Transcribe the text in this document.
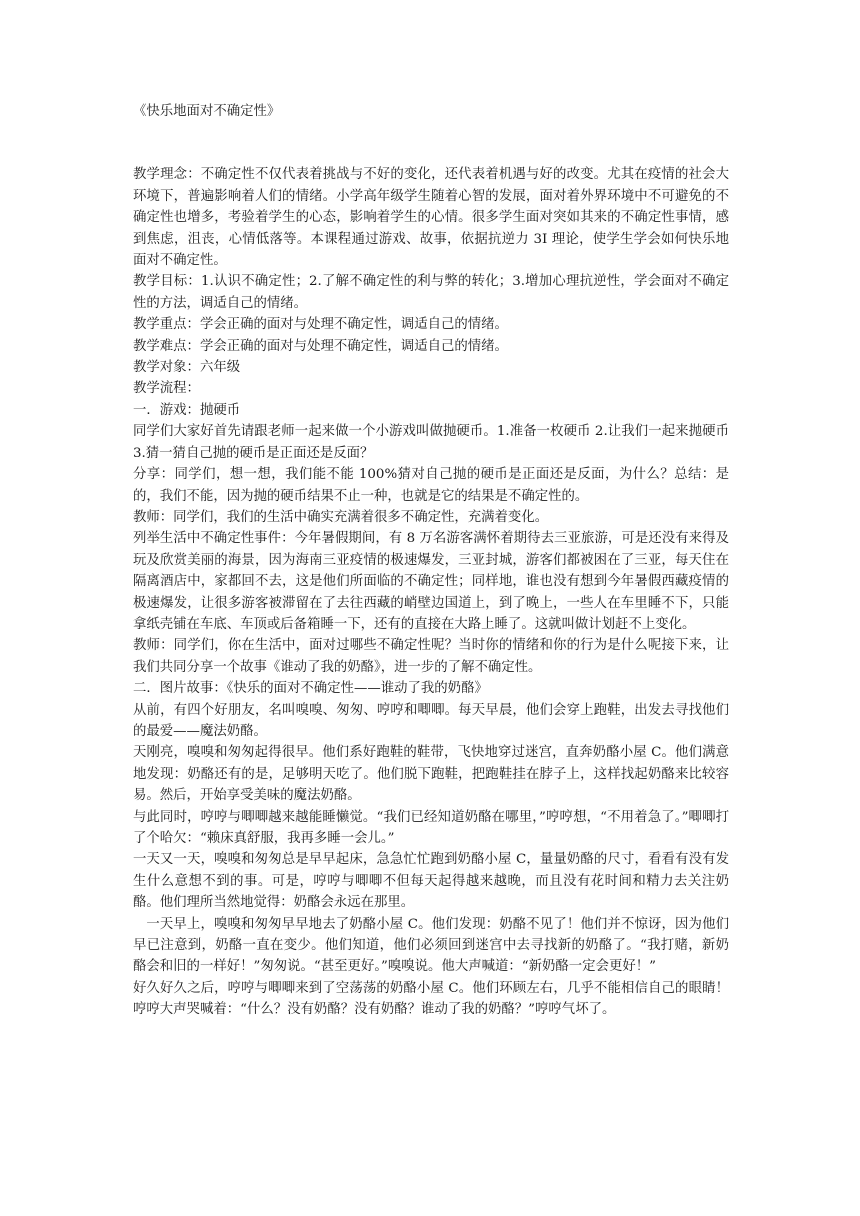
《快乐地面对不确定性》

教学理念：不确定性不仅代表着挑战与不好的变化，还代表着机遇与好的改变。尤其在疫情的社会大环境下，普遍影响着人们的情绪。小学高年级学生随着心智的发展，面对着外界环境中不可避免的不确定性也增多，考验着学生的心态，影响着学生的心情。很多学生面对突如其来的不确定性事情，感到焦虑，沮丧，心情低落等。本课程通过游戏、故事，依据抗逆力 3I 理论，使学生学会如何快乐地面对不确定性。

教学目标：1.认识不确定性；2.了解不确定性的利与弊的转化；3.增加心理抗逆性，学会面对不确定性的方法，调适自己的情绪。

教学重点：学会正确的面对与处理不确定性，调适自己的情绪。

教学难点：学会正确的面对与处理不确定性，调适自己的情绪。

教学对象：六年级

教学流程：

一．游戏：抛硬币

同学们大家好首先请跟老师一起来做一个小游戏叫做抛硬币。1.准备一枚硬币 2.让我们一起来抛硬币 3.猜一猜自己抛的硬币是正面还是反面？

分享：同学们，想一想，我们能不能 100%猜对自己抛的硬币是正面还是反面，为什么？总结：是的，我们不能，因为抛的硬币结果不止一种，也就是它的结果是不确定性的。

教师：同学们，我们的生活中确实充满着很多不确定性，充满着变化。

列举生活中不确定性事件：今年暑假期间，有 8 万名游客满怀着期待去三亚旅游，可是还没有来得及玩及欣赏美丽的海景，因为海南三亚疫情的极速爆发，三亚封城，游客们都被困在了三亚，每天住在隔离酒店中，家都回不去，这是他们所面临的不确定性；同样地，谁也没有想到今年暑假西藏疫情的极速爆发，让很多游客被滞留在了去往西藏的峭壁边国道上，到了晚上，一些人在车里睡不下，只能拿纸壳铺在车底、车顶或后备箱睡一下，还有的直接在大路上睡了。这就叫做计划赶不上变化。

教师：同学们，你在生活中，面对过哪些不确定性呢？当时你的情绪和你的行为是什么呢接下来，让我们共同分享一个故事《谁动了我的奶酪》，进一步的了解不确定性。

二．图片故事：《快乐的面对不确定性——谁动了我的奶酪》

从前，有四个好朋友，名叫嗅嗅、匆匆、哼哼和唧唧。每天早晨，他们会穿上跑鞋，出发去寻找他们的最爱——魔法奶酪。

天刚亮，嗅嗅和匆匆起得很早。他们系好跑鞋的鞋带，飞快地穿过迷宫，直奔奶酪小屋 C。他们满意地发现：奶酪还有的是，足够明天吃了。他们脱下跑鞋，把跑鞋挂在脖子上，这样找起奶酪来比较容易。然后，开始享受美味的魔法奶酪。

与此同时，哼哼与唧唧越来越能睡懒觉。“我们已经知道奶酪在哪里，”哼哼想，“不用着急了。”唧唧打了个哈欠：“赖床真舒服，我再多睡一会儿。”

一天又一天，嗅嗅和匆匆总是早早起床，急急忙忙跑到奶酪小屋 C，量量奶酪的尺寸，看看有没有发生什么意想不到的事。可是，哼哼与唧唧不但每天起得越来越晚，而且没有花时间和精力去关注奶酪。他们理所当然地觉得：奶酪会永远在那里。

一天早上，嗅嗅和匆匆早早地去了奶酪小屋 C。他们发现：奶酪不见了！他们并不惊讶，因为他们早已注意到，奶酪一直在变少。他们知道，他们必须回到迷宫中去寻找新的奶酪了。“我打赌，新奶酪会和旧的一样好！”匆匆说。“甚至更好。”嗅嗅说。他大声喊道：“新奶酪一定会更好！”

好久好久之后，哼哼与唧唧来到了空荡荡的奶酪小屋 C。他们环顾左右，几乎不能相信自己的眼睛！哼哼大声哭喊着：“什么？没有奶酪？没有奶酪？谁动了我的奶酪？”哼哼气坏了。
